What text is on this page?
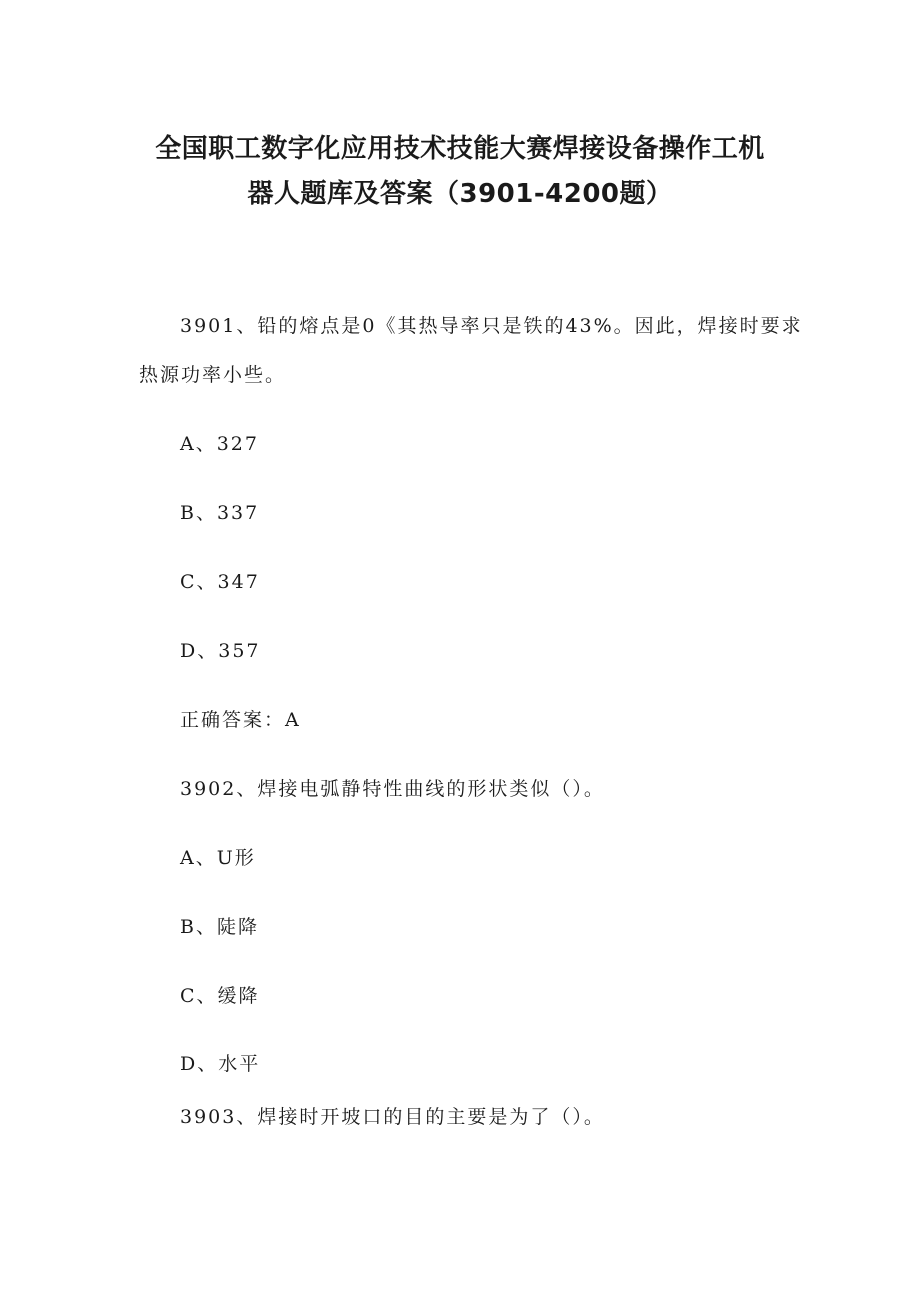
全国职工数字化应用技术技能大赛焊接设备操作工机
器人题库及答案（3901-4200题）
3901、铅的熔点是0《其热导率只是铁的43%。因此，焊接时要求
热源功率小些。
A、327
B、337
C、347
D、357
正确答案：A
3902、焊接电弧静特性曲线的形状类似（）。
A、U形
B、陡降
C、缓降
D、水平
3903、焊接时开坡口的目的主要是为了（）。
